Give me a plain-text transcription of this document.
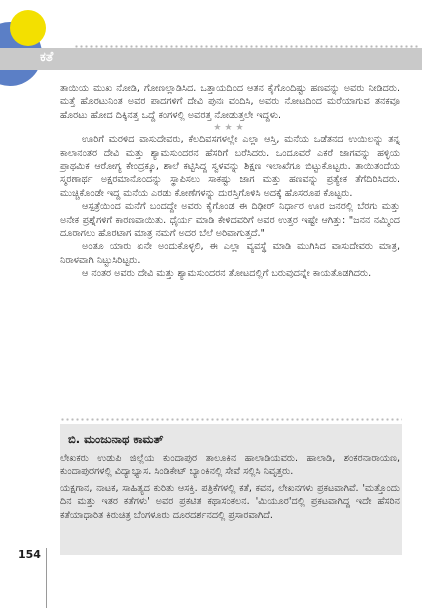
ಕತೆ

ತಾಯಿಯ ಮುಖ ನೋಡಿ, ಗೋಣಲ್ಲಾಡಿಸಿದ. ಒತ್ತಾಯದಿಂದ ಆತನ ಕೈಗೊಂದಿಷ್ಟು ಹಣವನ್ನು ಅವರು ನೀಡಿದರು. ಮತ್ತೆ ಹೊರಟುನಿಂತ ಅವರ ಪಾದಗಳಿಗೆ ದೇವಿ ಪುನಃ ವಂದಿಸಿ, ಅವರು ನೋಟದಿಂದ ಮರೆಯಾಗುವ ತನಕವೂ ಹೊರಟು ಹೋದ ದಿಕ್ಕಿನತ್ತ ಒದ್ದೆ ಕಂಗಳಲ್ಲಿ ಅವರತ್ತ ನೋಡುತ್ತಲೇ ಇದ್ದಳು.

★★★

ಊರಿಗೆ ಮರಳಿದ ವಾಸುದೇವರು, ಕೆಲದಿವಸಗಳಲ್ಲೇ ಎಲ್ಲಾ ಆಸ್ತಿ, ಮನೆಯ ಒಡೆತನದ ಉಯಿಲನ್ನು ತನ್ನ ಕಾಲಾನಂತರ ದೇವಿ ಮತ್ತು ಶ್ಯಾಮಸುಂದರನ ಹೆಸರಿಗೆ ಬರೆಸಿದರು. ಒಂದೂವರೆ ಎಕರೆ ಜಾಗವನ್ನು ಹಳ್ಳಿಯ ಪ್ರಾಥಮಿಕ ಆರೋಗ್ಯ ಕೇಂದ್ರಕ್ಕೂ, ಶಾಲೆ ಕಟ್ಟಿಸಿದ್ದ ಸ್ವಳವನ್ನು ಶಿಕ್ಷಣ ಇಲಾಖೆಗೂ ಬಿಟ್ಟುಕೊಟ್ಟರು. ತಾಯಿತಂದೆಯ ಸ್ಮರಣಾರ್ಥ ಅಕ್ಷರಮಾನೊಂದನ್ನು ಸ್ಥಾಪಿಸಲು ಸಾಕಷ್ಟು ಜಾಗ ಮತ್ತು ಹಣವನ್ನು ಪ್ರತ್ಯೇಕ ತೆಗೆದಿರಿಸಿದರು. ಮುಚ್ಚಿಕೊಂಡೇ ಇದ್ದ ಮನೆಯ ಎರಡು ಕೋಣೆಗಳನ್ನು ದುರಸ್ತಿಗೊಳಿಸಿ ಅದಕ್ಕೆ ಹೊಸರೂಪ ಕೊಟ್ಟರು.

ಆಸ್ಪತ್ರೆಯಿಂದ ಮನೆಗೆ ಬಂದದ್ದೇ ಅವರು ಕೈಗೊಂಡ ಈ ದಿಢೀರ್ ನಿರ್ಧಾರ ಊರ ಜನರಲ್ಲಿ ಬೆರಗು ಮತ್ತು ಅನೇಕ ಪ್ರಶ್ನೆಗಳಿಗೆ ಕಾರಣವಾಯಿತು. ಧೈರ್ಯ ಮಾಡಿ ಕೇಳಿದವರಿಗೆ ಅವರ ಉತ್ತರ ಇಷ್ಟೇ ಆಗಿತ್ತು: "ಜನನ ನಮ್ಮಿಂದ ದೂರಾಗಲು ಹೊರಟಾಗ ಮಾತ್ರ ನಮಗೆ ಅದರ ಬೆಲೆ ಅರಿವಾಗುತ್ತದೆ."

ಅಂತೂ ಯಾರು ಏನೇ ಅಂದುಕೊಳ್ಳಲಿ, ಈ ಎಲ್ಲಾ ವ್ಯವಸ್ಥೆ ಮಾಡಿ ಮುಗಿಸಿದ ವಾಸುದೇವರು ಮಾತ್ರ, ನಿರಾಳವಾಗಿ ನಿಟ್ಟುಸಿರಿಟ್ಟರು.

ಆ ನಂತರ ಅವರು ದೇವಿ ಮತ್ತು ಶ್ಯಾಮಸುಂದರನ ತೋಟದಲ್ಲಿಗೆ ಬರುವುದನ್ನೇ ಕಾಯತೊಡಗಿದರು.

ಬಿ. ಮಂಜುನಾಥ ಕಾಮತ್

ಲೇಖಕರು ಉಡುಪಿ ಜಿಲ್ಲೆಯ ಕುಂದಾಪುರ ತಾಲೂಕಿನ ಹಾಲಾಡಿಯವರು. ಹಾಲಾಡಿ, ಶಂಕರನಾರಾಯಣ, ಕುಂದಾಪುರಗಳಲ್ಲಿ ವಿದ್ಯಾಭ್ಯಾಸ. ಸಿಂಡಿಕೇಟ್ ಬ್ಯಾಂಕಿನಲ್ಲಿ ಸೇವೆ ಸಲ್ಲಿಸಿ ನಿವೃತ್ತರು.

ಯಕ್ಷಗಾನ, ನಾಟಕ, ಸಾಹಿತ್ಯದ ಕುರಿತು ಆಸಕ್ತಿ. ಪತ್ರಿಕೆಗಳಲ್ಲಿ ಕತೆ, ಕವನ, ಲೇಖನಗಳು ಪ್ರಕಟವಾಗಿವೆ. 'ಮತ್ತೊಂದು ದಿನ ಮತ್ತು ಇತರ ಕತೆಗಳು' ಅವರ ಪ್ರಕಟಿತ ಕಥಾಸಂಕಲನ. 'ಮಿಯೂರ'ದಲ್ಲಿ ಪ್ರಕಟವಾಗಿದ್ದ ಇದೇ ಹೆಸರಿನ ಕತೆಯಾಧಾರಿತ ಕಿರುಚಿತ್ರ ಬೆಂಗಳೂರು ದೂರದರ್ಶನದಲ್ಲಿ ಪ್ರಸಾರವಾಗಿದೆ.

154
